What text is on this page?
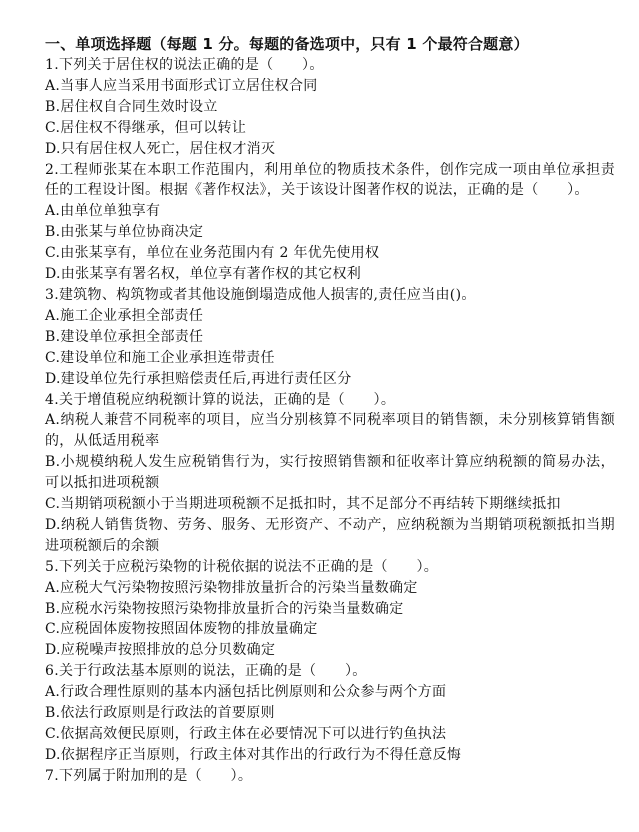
一、单项选择题（每题 1 分。每题的备选项中，只有 1 个最符合题意）

1.下列关于居住权的说法正确的是（　　）。

A.当事人应当采用书面形式订立居住权合同

B.居住权自合同生效时设立

C.居住权不得继承，但可以转让

D.只有居住权人死亡，居住权才消灭

2.工程师张某在本职工作范围内，利用单位的物质技术条件，创作完成一项由单位承担责任的工程设计图。根据《著作权法》，关于该设计图著作权的说法，正确的是（　　）。

A.由单位单独享有

B.由张某与单位协商决定

C.由张某享有，单位在业务范围内有 2 年优先使用权

D.由张某享有署名权，单位享有著作权的其它权利

3.建筑物、构筑物或者其他设施倒塌造成他人损害的,责任应当由()。

A.施工企业承担全部责任

B.建设单位承担全部责任

C.建设单位和施工企业承担连带责任

D.建设单位先行承担赔偿责任后,再进行责任区分

4.关于增值税应纳税额计算的说法，正确的是（　　）。

A.纳税人兼营不同税率的项目，应当分别核算不同税率项目的销售额，未分别核算销售额的，从低适用税率

B.小规模纳税人发生应税销售行为，实行按照销售额和征收率计算应纳税额的简易办法，可以抵扣进项税额

C.当期销项税额小于当期进项税额不足抵扣时，其不足部分不再结转下期继续抵扣

D.纳税人销售货物、劳务、服务、无形资产、不动产，应纳税额为当期销项税额抵扣当期进项税额后的余额

5.下列关于应税污染物的计税依据的说法不正确的是（　　）。

A.应税大气污染物按照污染物排放量折合的污染当量数确定

B.应税水污染物按照污染物排放量折合的污染当量数确定

C.应税固体废物按照固体废物的排放量确定

D.应税噪声按照排放的总分贝数确定

6.关于行政法基本原则的说法，正确的是（　　）。

A.行政合理性原则的基本内涵包括比例原则和公众参与两个方面

B.依法行政原则是行政法的首要原则

C.依据高效便民原则，行政主体在必要情况下可以进行钓鱼执法

D.依据程序正当原则，行政主体对其作出的行政行为不得任意反悔

7.下列属于附加刑的是（　　）。
